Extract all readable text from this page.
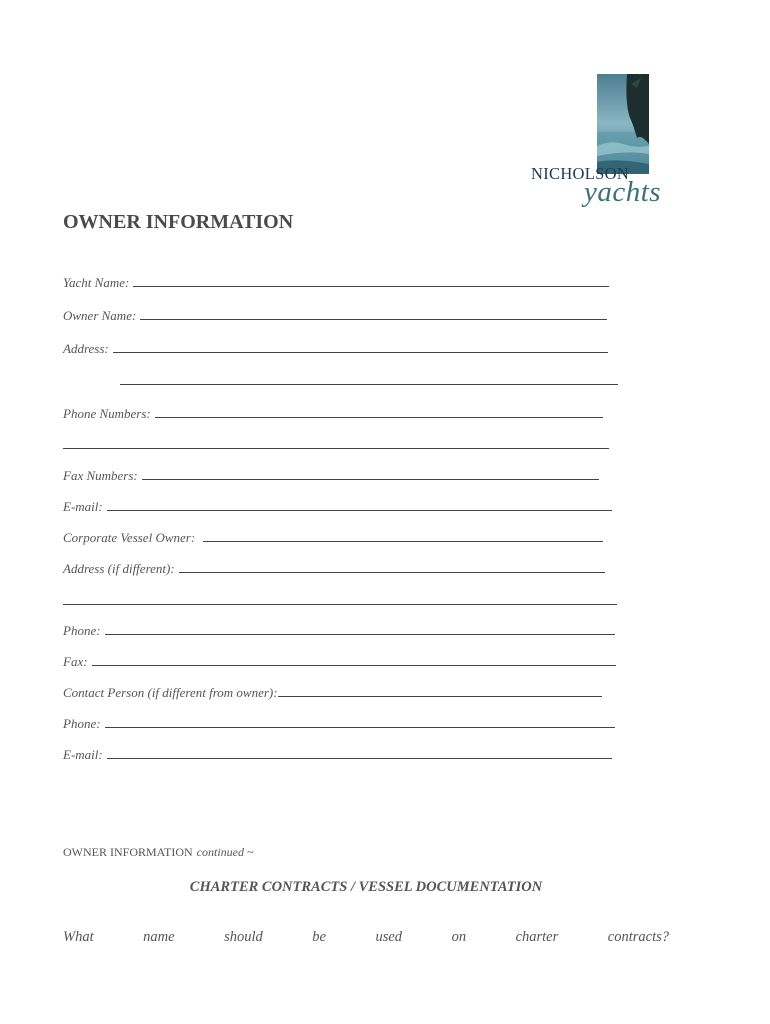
NICHOLSON
yachts
OWNER INFORMATION
Yacht Name:
Owner Name:
Address:
Phone Numbers:
Fax Numbers:
E-mail:
Corporate Vessel Owner:
Address (if different):
Phone:
Fax:
Contact Person (if different from owner):
Phone:
E-mail:
OWNER INFORMATION continued ~
CHARTER CONTRACTS / VESSEL DOCUMENTATION
What	name	should	be	used	on	charter	contracts?
